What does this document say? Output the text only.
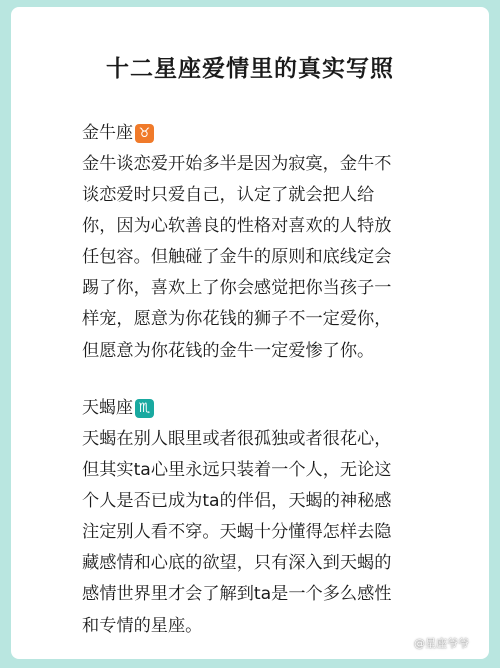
十二星座爱情里的真实写照
金牛座 ♉
金牛谈恋爱开始多半是因为寂寞，金牛不
谈恋爱时只爱自己，认定了就会把人给
你，因为心软善良的性格对喜欢的人特放
任包容。但触碰了金牛的原则和底线定会
踢了你，喜欢上了你会感觉把你当孩子一
样宠，愿意为你花钱的狮子不一定爱你，
但愿意为你花钱的金牛一定爱惨了你。
天蝎座 ♏
天蝎在别人眼里或者很孤独或者很花心，
但其实ta心里永远只装着一个人，无论这
个人是否已成为ta的伴侣，天蝎的神秘感
注定别人看不穿。天蝎十分懂得怎样去隐
藏感情和心底的欲望，只有深入到天蝎的
感情世界里才会了解到ta是一个多么感性
和专情的星座。
@星座爷爷
